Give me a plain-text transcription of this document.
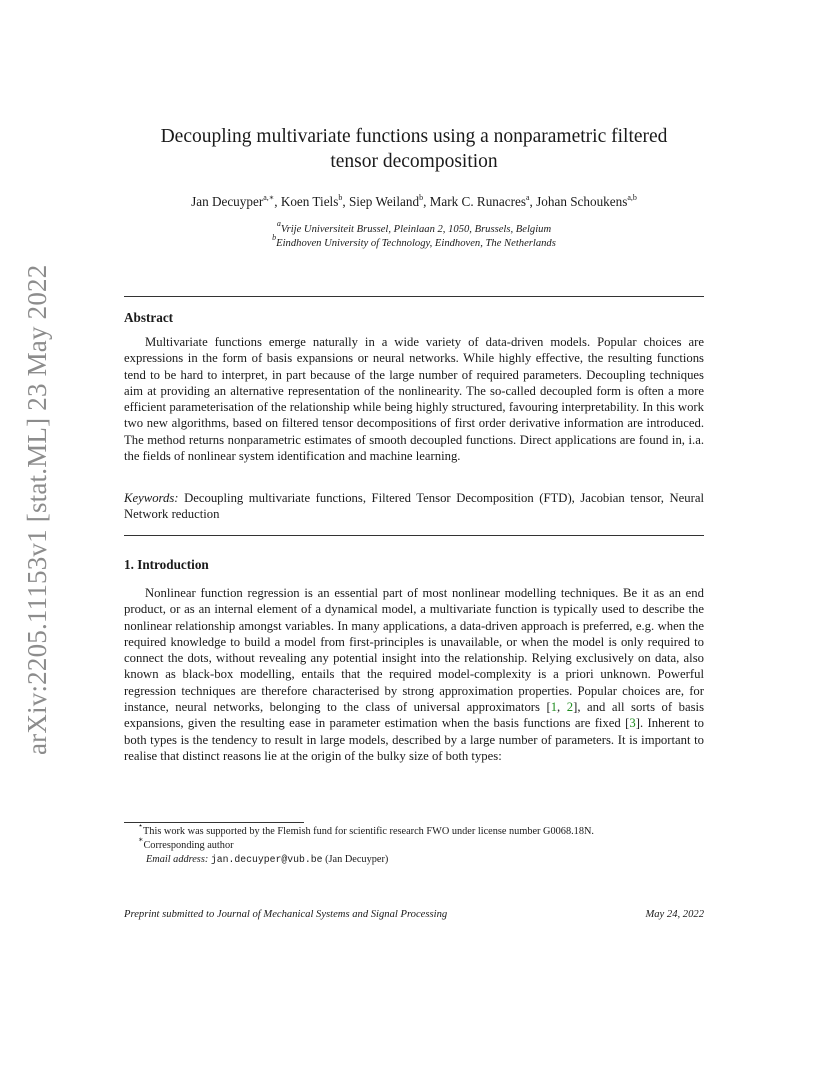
arXiv:2205.11153v1 [stat.ML] 23 May 2022
Decoupling multivariate functions using a nonparametric filtered
tensor decomposition
Jan Decuyper$^{a,∗}$, Koen Tiels$^b$, Siep Weiland$^b$, Mark C. Runacres$^a$, Johan Schoukens$^{a,b}$
$^a$Vrije Universiteit Brussel, Pleinlaan 2, 1050, Brussels, Belgium
$^b$Eindhoven University of Technology, Eindhoven, The Netherlands
Abstract
Multivariate functions emerge naturally in a wide variety of data-driven models. Popular choices are expressions in the form of basis expansions or neural networks. While highly effective, the resulting functions tend to be hard to interpret, in part because of the large number of required parameters. Decoupling techniques aim at providing an alternative representation of the nonlinearity. The so-called decoupled form is often a more efficient parameterisation of the relationship while being highly structured, favouring interpretability. In this work two new algorithms, based on filtered tensor decompositions of first order derivative information are introduced. The method returns nonparametric estimates of smooth decoupled functions. Direct applications are found in, i.a. the fields of nonlinear system identification and machine learning.
Keywords: Decoupling multivariate functions, Filtered Tensor Decomposition (FTD), Jacobian tensor, Neural Network reduction
1. Introduction
Nonlinear function regression is an essential part of most nonlinear modelling techniques. Be it as an end product, or as an internal element of a dynamical model, a multivariate function is typically used to describe the nonlinear relationship amongst variables. In many applications, a data-driven approach is preferred, e.g. when the required knowledge to build a model from first-principles is unavailable, or when the model is only required to connect the dots, without revealing any potential insight into the relationship. Relying exclusively on data, also known as black-box modelling, entails that the required model-complexity is a priori unknown. Powerful regression techniques are therefore characterised by strong approximation properties. Popular choices are, for instance, neural networks, belonging to the class of universal approximators [1, 2], and all sorts of basis expansions, given the resulting ease in parameter estimation when the basis functions are fixed [3]. Inherent to both types is the tendency to result in large models, described by a large number of parameters. It is important to realise that distinct reasons lie at the origin of the bulky size of both types:
⋆This work was supported by the Flemish fund for scientific research FWO under license number G0068.18N.
∗Corresponding author
Email address: jan.decuyper@vub.be (Jan Decuyper)
Preprint submitted to Journal of Mechanical Systems and Signal Processing	May 24, 2022
